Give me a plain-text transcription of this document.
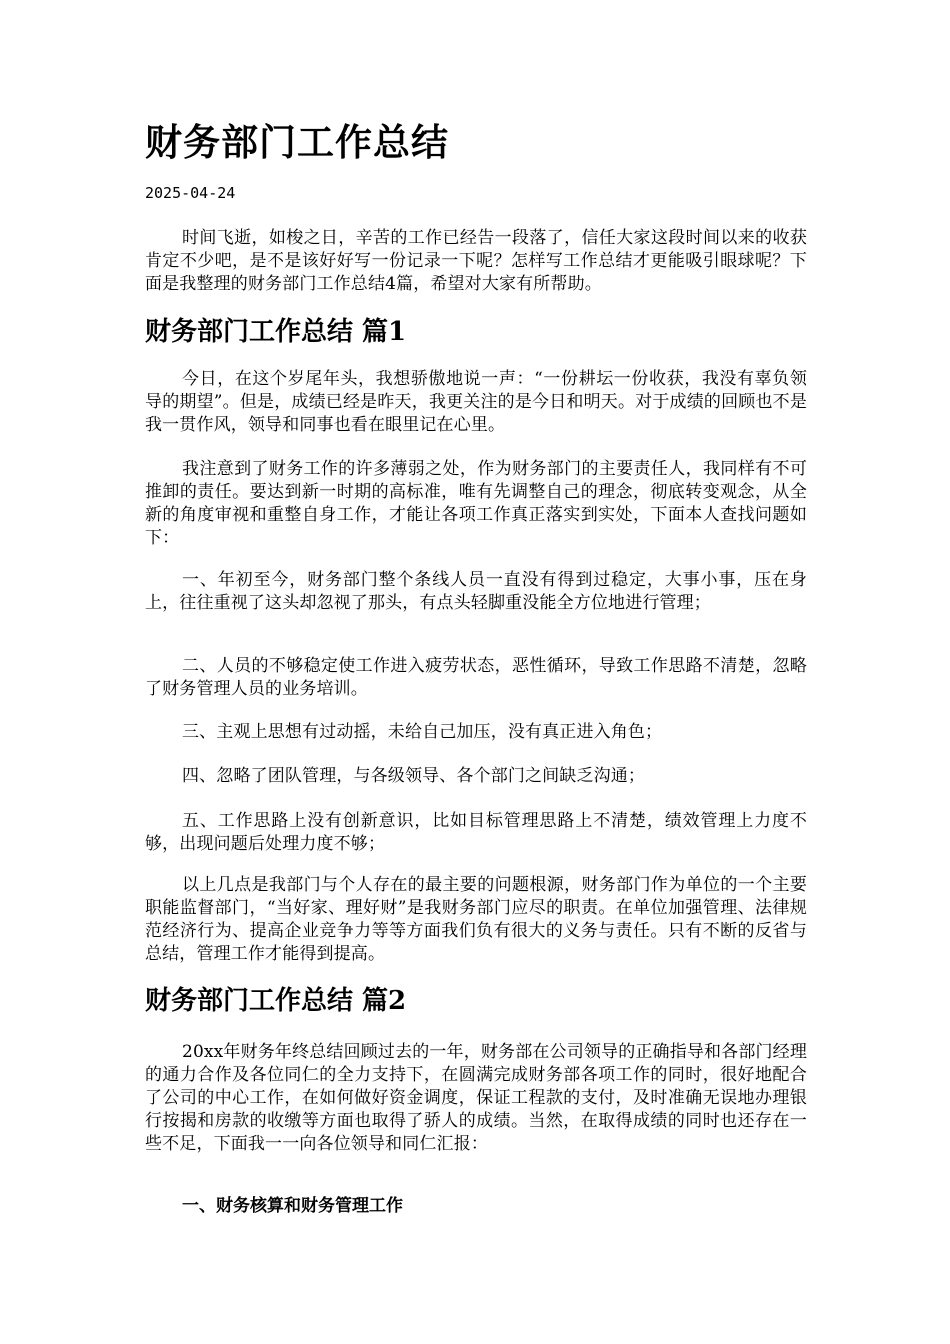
财务部门工作总结
2025-04-24

时间飞逝，如梭之日，辛苦的工作已经告一段落了，信任大家这段时间以来的收获肯定不少吧，是不是该好好写一份记录一下呢？怎样写工作总结才更能吸引眼球呢？下面是我整理的财务部门工作总结4篇，希望对大家有所帮助。

财务部门工作总结 篇1

今日，在这个岁尾年头，我想骄傲地说一声：“一份耕坛一份收获，我没有辜负领导的期望”。但是，成绩已经是昨天，我更关注的是今日和明天。对于成绩的回顾也不是我一贯作风，领导和同事也看在眼里记在心里。

我注意到了财务工作的许多薄弱之处，作为财务部门的主要责任人，我同样有不可推卸的责任。要达到新一时期的高标准，唯有先调整自己的理念，彻底转变观念，从全新的角度审视和重整自身工作，才能让各项工作真正落实到实处，下面本人查找问题如下：

一、年初至今，财务部门整个条线人员一直没有得到过稳定，大事小事，压在身上，往往重视了这头却忽视了那头，有点头轻脚重没能全方位地进行管理；

二、人员的不够稳定使工作进入疲劳状态，恶性循环，导致工作思路不清楚，忽略了财务管理人员的业务培训。

三、主观上思想有过动摇，未给自己加压，没有真正进入角色；

四、忽略了团队管理，与各级领导、各个部门之间缺乏沟通；

五、工作思路上没有创新意识，比如目标管理思路上不清楚，绩效管理上力度不够，出现问题后处理力度不够；

以上几点是我部门与个人存在的最主要的问题根源，财务部门作为单位的一个主要职能监督部门，“当好家、理好财”是我财务部门应尽的职责。在单位加强管理、法律规范经济行为、提高企业竞争力等等方面我们负有很大的义务与责任。只有不断的反省与总结，管理工作才能得到提高。

财务部门工作总结 篇2

20xx年财务年终总结回顾过去的一年，财务部在公司领导的正确指导和各部门经理的通力合作及各位同仁的全力支持下，在圆满完成财务部各项工作的同时，很好地配合了公司的中心工作，在如何做好资金调度，保证工程款的支付，及时准确无误地办理银行按揭和房款的收缴等方面也取得了骄人的成绩。当然，在取得成绩的同时也还存在一些不足，下面我一一向各位领导和同仁汇报：

一、财务核算和财务管理工作
